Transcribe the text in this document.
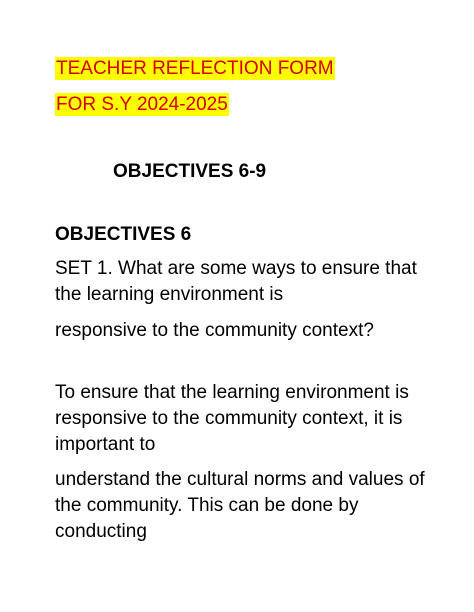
TEACHER REFLECTION FORM
FOR S.Y 2024-2025
OBJECTIVES 6-9
OBJECTIVES 6
SET 1. What are some ways to ensure that
the learning environment is
responsive to the community context?
To ensure that the learning environment is
responsive to the community context, it is
important to
understand the cultural norms and values of
the community. This can be done by
conducting
